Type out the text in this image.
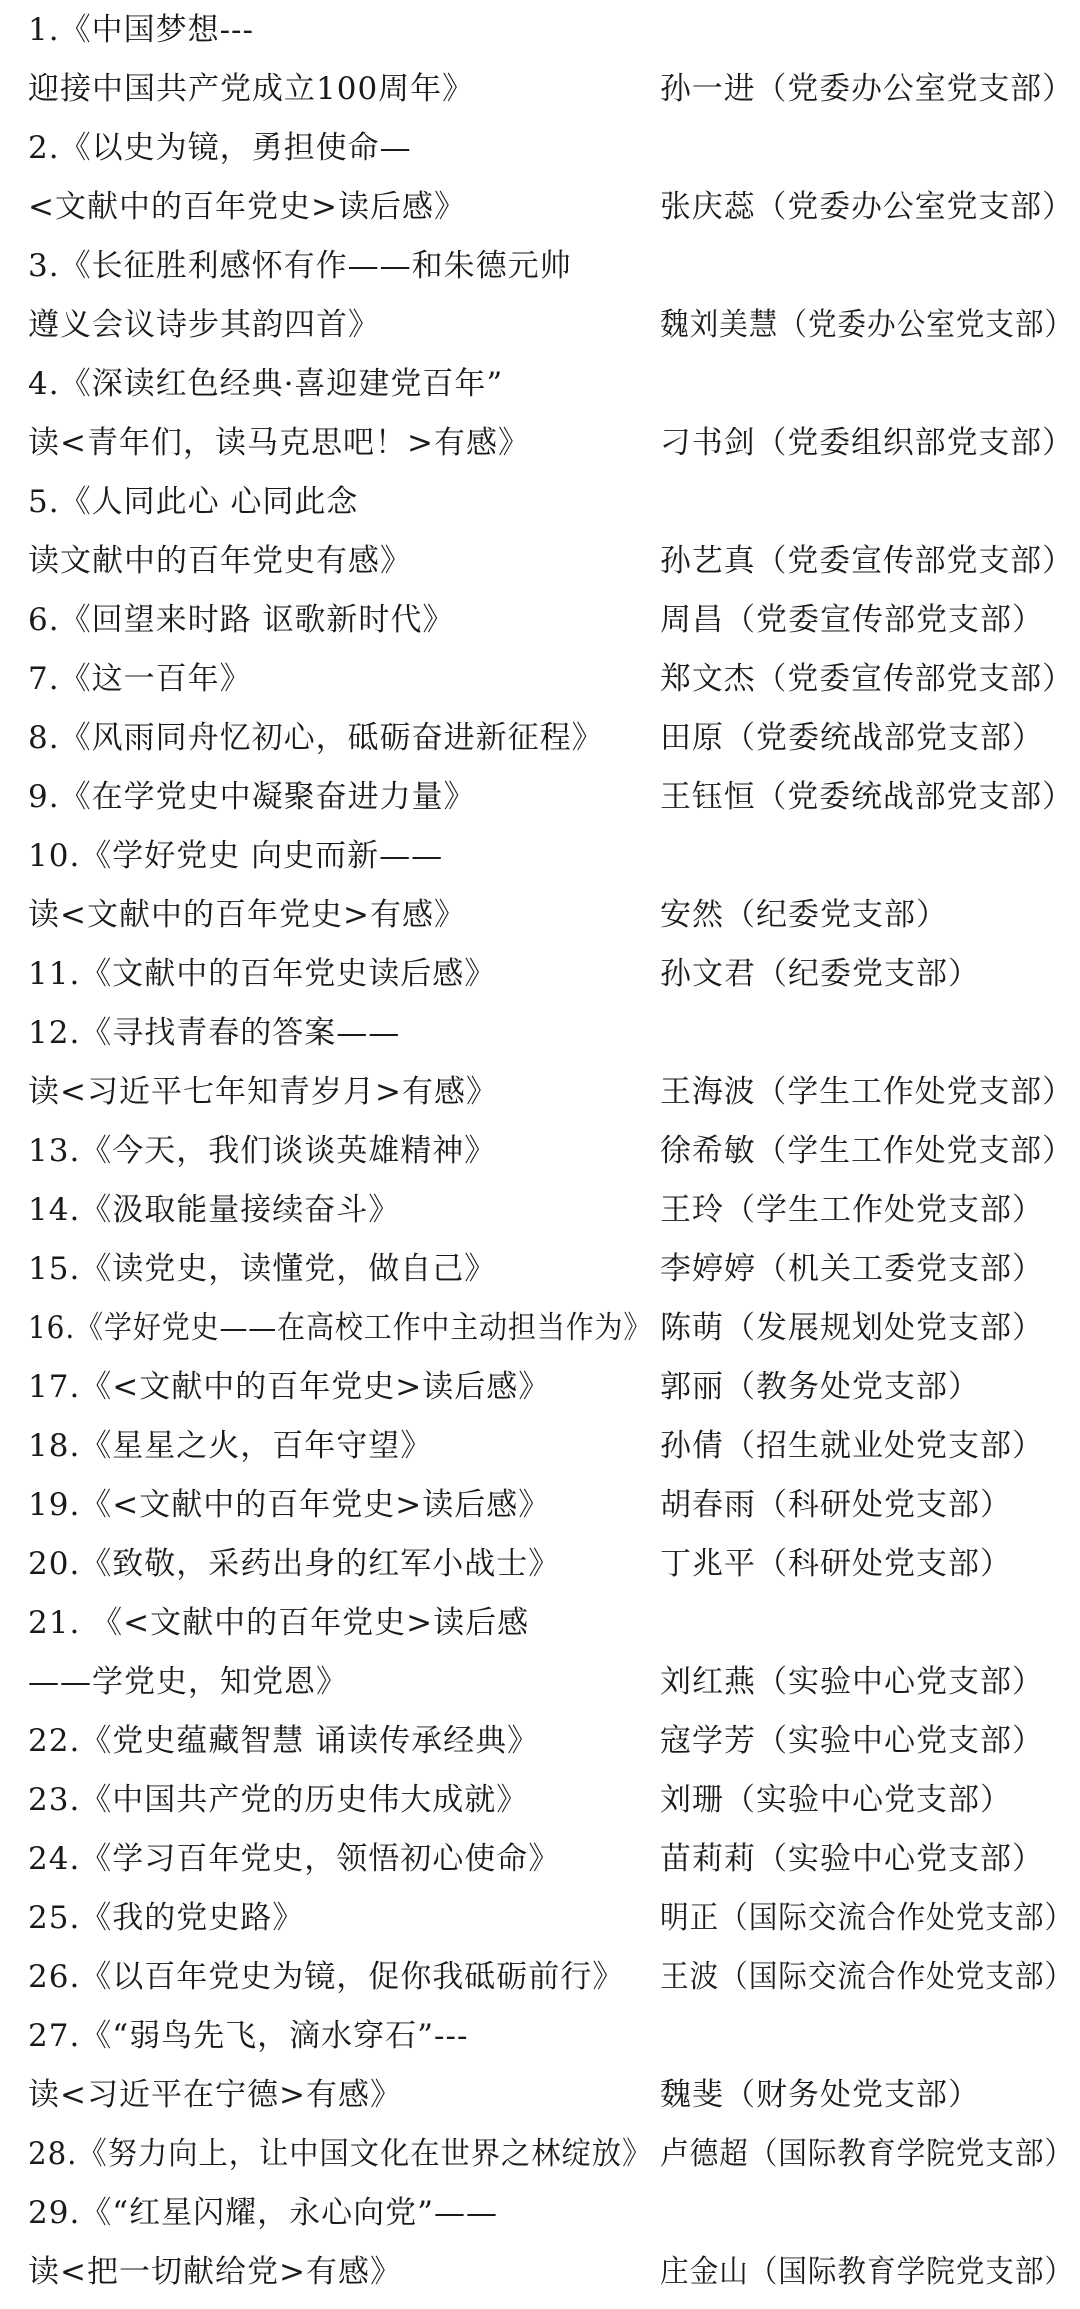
1.《中国梦想---
迎接中国共产党成立100周年》	孙一进（党委办公室党支部）
2.《以史为镜，勇担使命—
<文献中的百年党史>读后感》	张庆蕊（党委办公室党支部）
3.《长征胜利感怀有作——和朱德元帅
遵义会议诗步其韵四首》	魏刘美慧（党委办公室党支部）
4.《深读红色经典·喜迎建党百年”
读<青年们，读马克思吧！>有感》	刁书剑（党委组织部党支部）
5.《人同此心 心同此念
读文献中的百年党史有感》	孙艺真（党委宣传部党支部）
6.《回望来时路 讴歌新时代》	周昌（党委宣传部党支部）
7.《这一百年》	郑文杰（党委宣传部党支部）
8.《风雨同舟忆初心，砥砺奋进新征程》 田原（党委统战部党支部）
9.《在学党史中凝聚奋进力量》	王钰恒（党委统战部党支部）
10.《学好党史 向史而新——
读<文献中的百年党史>有感》	安然（纪委党支部）
11.《文献中的百年党史读后感》	孙文君（纪委党支部）
12.《寻找青春的答案——
读<习近平七年知青岁月>有感》	王海波（学生工作处党支部）
13.《今天，我们谈谈英雄精神》	徐希敏（学生工作处党支部）
14.《汲取能量接续奋斗》	王玲（学生工作处党支部）
15.《读党史，读懂党，做自己》	李婷婷（机关工委党支部）
16.《学好党史——在高校工作中主动担当作为》 陈萌（发展规划处党支部）
17.《<文献中的百年党史>读后感》	郭丽（教务处党支部）
18.《星星之火，百年守望》	孙倩（招生就业处党支部）
19.《<文献中的百年党史>读后感》	胡春雨（科研处党支部）
20.《致敬，采药出身的红军小战士》	丁兆平（科研处党支部）
21. 《<文献中的百年党史>读后感
——学党史，知党恩》	刘红燕（实验中心党支部）
22.《党史蕴藏智慧 诵读传承经典》	寇学芳（实验中心党支部）
23.《中国共产党的历史伟大成就》	刘珊（实验中心党支部）
24.《学习百年党史，领悟初心使命》	苗莉莉（实验中心党支部）
25.《我的党史路》	明正（国际交流合作处党支部）
26.《以百年党史为镜，促你我砥砺前行》 王波（国际交流合作处党支部）
27.《“弱鸟先飞，滴水穿石”---
读<习近平在宁德>有感》	魏斐（财务处党支部）
28.《努力向上，让中国文化在世界之林绽放》 卢德超（国际教育学院党支部）
29.《“红星闪耀，永心向党”——
读<把一切献给党>有感》	庄金山（国际教育学院党支部）
